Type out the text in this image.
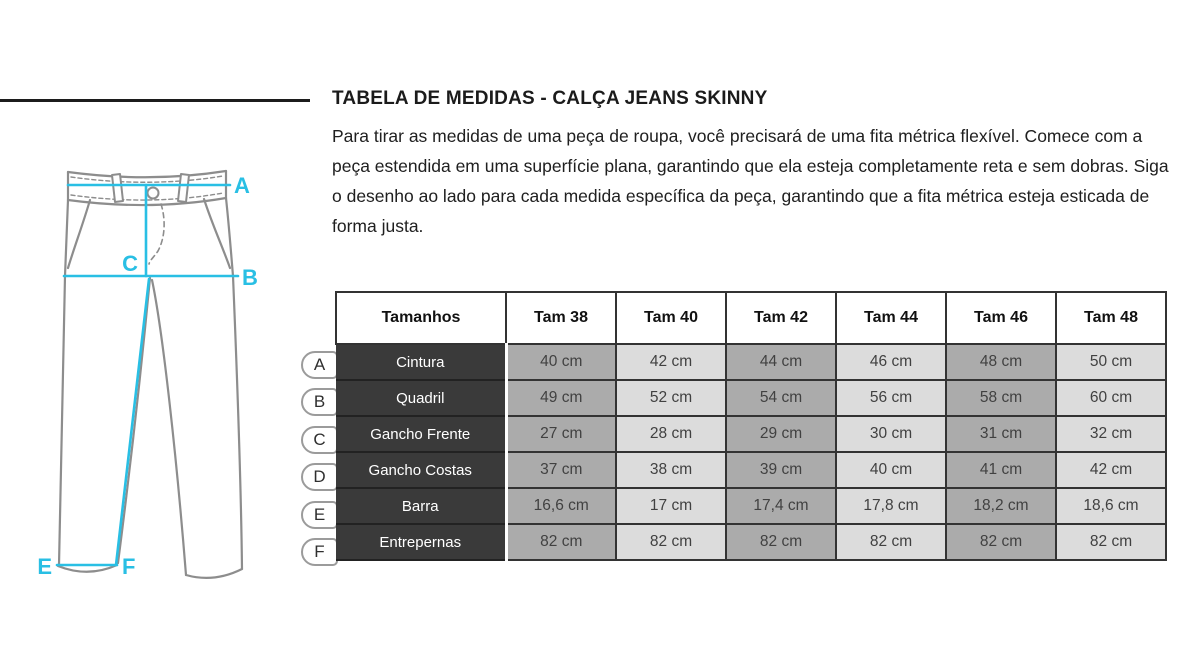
TABELA DE MEDIDAS - CALÇA JEANS SKINNY

Para tirar as medidas de uma peça de roupa, você precisará de uma fita métrica flexível. Comece com a peça estendida em uma superfície plana, garantindo que ela esteja completamente reta e sem dobras. Siga o desenho ao lado para cada medida específica da peça, garantindo que a fita métrica esteja esticada de forma justa.

A
B
C
E	F
Tamanhos	Tam 38	Tam 40	Tam 42	Tam 44	Tam 46	Tam 48
Cintura	40 cm	42 cm	44 cm	46 cm	48 cm	50 cm
Quadril	49 cm	52 cm	54 cm	56 cm	58 cm	60 cm
Gancho Frente	27 cm	28 cm	29 cm	30 cm	31 cm	32 cm
Gancho Costas	37 cm	38 cm	39 cm	40 cm	41 cm	42 cm
Barra	16,6 cm	17 cm	17,4 cm	17,8 cm	18,2 cm	18,6 cm
Entrepernas	82 cm	82 cm	82 cm	82 cm	82 cm	82 cm
A
B
C
D
E
F
